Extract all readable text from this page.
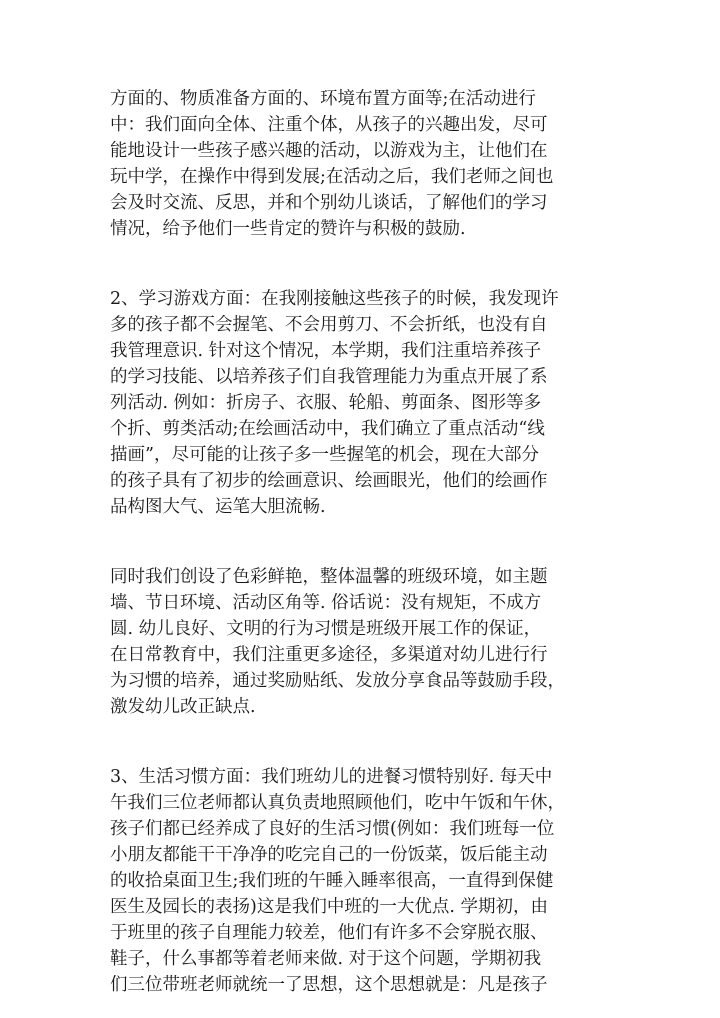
方面的、物质准备方面的、环境布置方面等;在活动进行
中：我们面向全体、注重个体，从孩子的兴趣出发，尽可
能地设计一些孩子感兴趣的活动，以游戏为主，让他们在
玩中学，在操作中得到发展;在活动之后，我们老师之间也
会及时交流、反思，并和个别幼儿谈话，了解他们的学习
情况，给予他们一些肯定的赞许与积极的鼓励.
2、学习游戏方面：在我刚接触这些孩子的时候，我发现许
多的孩子都不会握笔、不会用剪刀、不会折纸，也没有自
我管理意识. 针对这个情况，本学期，我们注重培养孩子
的学习技能、以培养孩子们自我管理能力为重点开展了系
列活动. 例如：折房子、衣服、轮船、剪面条、图形等多
个折、剪类活动;在绘画活动中，我们确立了重点活动“线
描画”，尽可能的让孩子多一些握笔的机会，现在大部分
的孩子具有了初步的绘画意识、绘画眼光，他们的绘画作
品构图大气、运笔大胆流畅.
同时我们创设了色彩鲜艳，整体温馨的班级环境，如主题
墙、节日环境、活动区角等. 俗话说：没有规矩，不成方
圆. 幼儿良好、文明的行为习惯是班级开展工作的保证，
在日常教育中，我们注重更多途径，多渠道对幼儿进行行
为习惯的培养，通过奖励贴纸、发放分享食品等鼓励手段，
激发幼儿改正缺点.
3、生活习惯方面：我们班幼儿的进餐习惯特别好. 每天中
午我们三位老师都认真负责地照顾他们，吃中午饭和午休，
孩子们都已经养成了良好的生活习惯(例如：我们班每一位
小朋友都能干干净净的吃完自己的一份饭菜，饭后能主动
的收拾桌面卫生;我们班的午睡入睡率很高，一直得到保健
医生及园长的表扬)这是我们中班的一大优点. 学期初，由
于班里的孩子自理能力较差，他们有许多不会穿脱衣服、
鞋子，什么事都等着老师来做. 对于这个问题，学期初我
们三位带班老师就统一了思想，这个思想就是：凡是孩子
